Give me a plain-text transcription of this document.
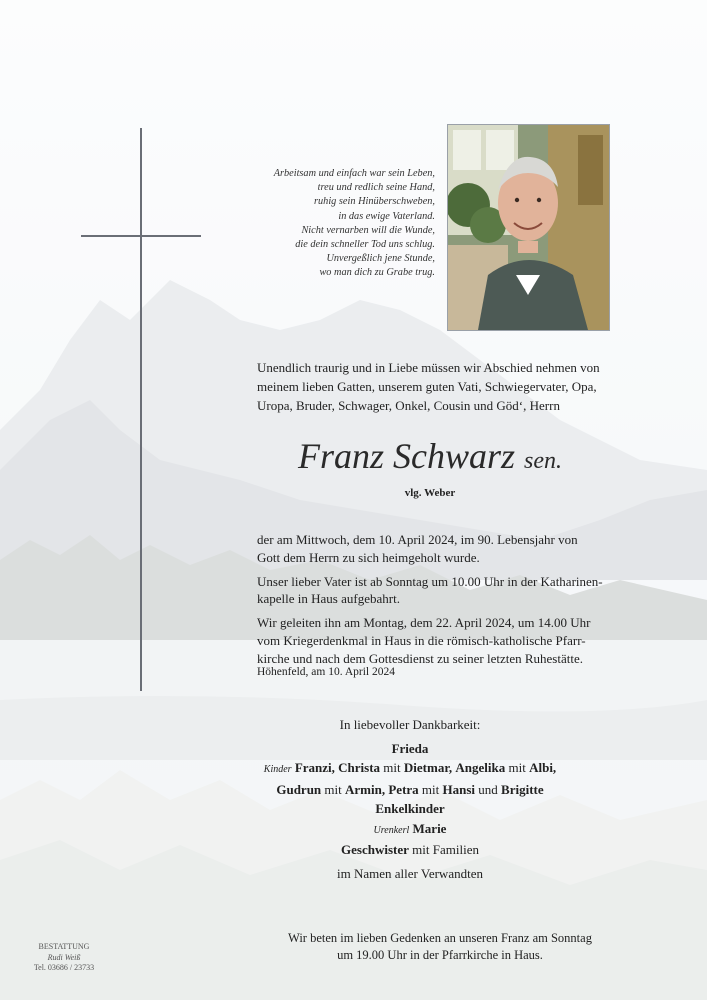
Arbeitsam und einfach war sein Leben,
treu und redlich seine Hand,
ruhig sein Hinüberschweben,
in das ewige Vaterland.
Nicht vernarben will die Wunde,
die dein schneller Tod uns schlug.
Unvergeßlich jene Stunde,
wo man dich zu Grabe trug.
Unendlich traurig und in Liebe müssen wir Abschied nehmen von
meinem lieben Gatten, unserem guten Vati, Schwiegervater, Opa,
Uropa, Bruder, Schwager, Onkel, Cousin und Göd‘, Herrn
Franz Schwarz sen.
vlg. Weber

der am Mittwoch, dem 10. April 2024, im 90. Lebensjahr von
Gott dem Herrn zu sich heimgeholt wurde.

Unser lieber Vater ist ab Sonntag um 10.00 Uhr in der Katharinen-
kapelle in Haus aufgebahrt.

Wir geleiten ihn am Montag, dem 22. April 2024, um 14.00 Uhr
vom Kriegerdenkmal in Haus in die römisch-katholische Pfarr-
kirche und nach dem Gottesdienst zu seiner letzten Ruhestätte.

Höhenfeld, am 10. April 2024
In liebevoller Dankbarkeit:
Frieda
Kinder Franzi, Christa mit Dietmar, Angelika mit Albi,
Gudrun mit Armin, Petra mit Hansi und Brigitte
Enkelkinder
Urenkerl Marie
Geschwister mit Familien
im Namen aller Verwandten
BESTATTUNG
Rudi Weiß
Tel. 03686 / 23733
Wir beten im lieben Gedenken an unseren Franz am Sonntag
um 19.00 Uhr in der Pfarrkirche in Haus.
